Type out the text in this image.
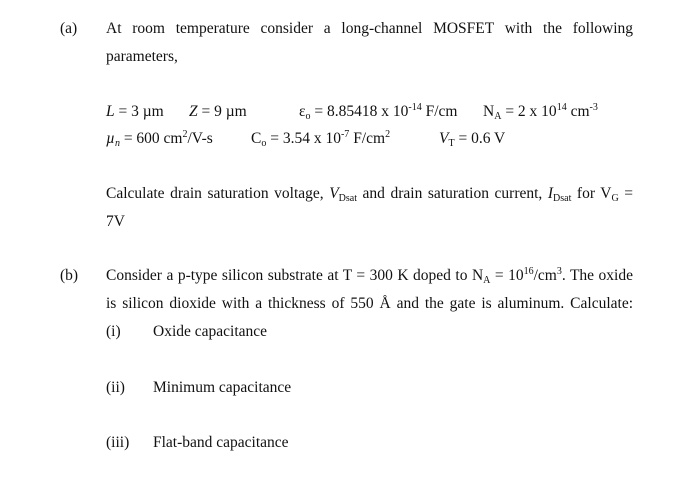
(a) At room temperature consider a long-channel MOSFET with the following
parameters,
L = 3 µm Z = 9 µm	$\varepsilon_o = 8.85418$ x $10^{-14}$ F/cm $N_A = 2$ x $10^{14}$ $cm^{-3}$
µ$_n$ = 600 $cm^2/V-s$ $C_o = 3.54$ x $10^{-7}$ $F/cm^2$	$V_T = 0.6$ V
Calculate drain saturation voltage, $V_{Dsat}$ and drain saturation current, $I_{Dsat}$ for $V_G$ =
7V
(b) Consider a p-type silicon substrate at T = 300 K doped to $N_A = 10^{16}/cm^3$. The oxide
is silicon dioxide with a thickness of 550 Å and the gate is aluminum. Calculate:
(i) Oxide capacitance
(ii) Minimum capacitance
(iii) Flat-band capacitance
